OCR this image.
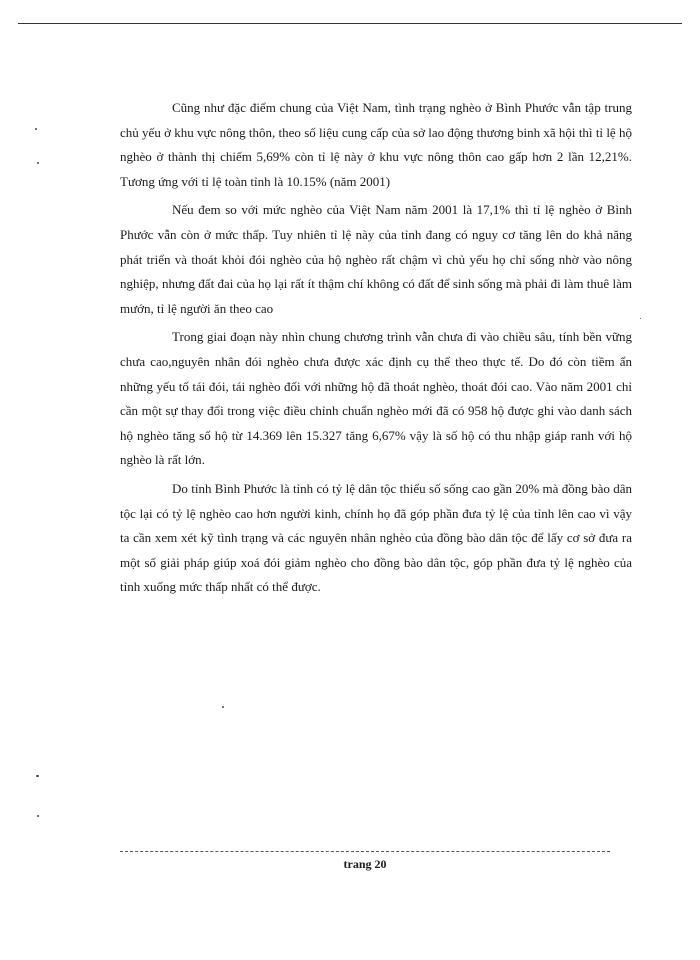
Cũng như đặc điểm chung của Việt Nam, tình trạng nghèo ở Bình Phước vẫn tập trung chủ yếu ở khu vực nông thôn, theo số liệu cung cấp của sở lao động thương binh xã hội thì tỉ lệ hộ nghèo ở thành thị chiếm 5,69% còn tỉ lệ này ở khu vực nông thôn cao gấp hơn 2 lần 12,21%. Tương ứng với tỉ lệ toàn tỉnh là 10.15% (năm 2001)

Nếu đem so với mức nghèo của Việt Nam năm 2001 là 17,1% thì tỉ lệ nghèo ở Bình Phước vẫn còn ở mức thấp. Tuy nhiên tỉ lệ này của tỉnh đang có nguy cơ tăng lên do khả năng phát triển và thoát khỏi đói nghèo của hộ nghèo rất chậm vì chủ yếu họ chỉ sống nhờ vào nông nghiệp, nhưng đất đai của họ lại rất ít thậm chí không có đất để sinh sống mà phải đi làm thuê làm mướn, tỉ lệ người ăn theo cao

Trong giai đoạn này nhìn chung chương trình vẫn chưa đi vào chiều sâu, tính bền vững chưa cao,nguyên nhân đói nghèo chưa được xác định cụ thể theo thực tế. Do đó còn tiềm ẩn những yếu tố tái đói, tái nghèo đối với những hộ đã thoát nghèo, thoát đói cao. Vào năm 2001 chỉ cần một sự thay đổi trong việc điều chỉnh chuẩn nghèo mới đã có 958 hộ được ghi vào danh sách hộ nghèo tăng số hộ từ 14.369 lên 15.327 tăng 6,67% vậy là số hộ có thu nhập giáp ranh với hộ nghèo là rất lớn.

Do tỉnh Bình Phước là tỉnh có tỷ lệ dân tộc thiểu số sống cao gần 20% mà đồng bào dân tộc lại có tỷ lệ nghèo cao hơn người kinh, chính họ đã góp phần đưa tỷ lệ của tỉnh lên cao vì vậy ta cần xem xét kỹ tình trạng và các nguyên nhân nghèo của đồng bào dân tộc để lấy cơ sở đưa ra một số giải pháp giúp xoá đói giảm nghèo cho đồng bào dân tộc, góp phần đưa tỷ lệ nghèo của tỉnh xuống mức thấp nhất có thể được.

trang 20
